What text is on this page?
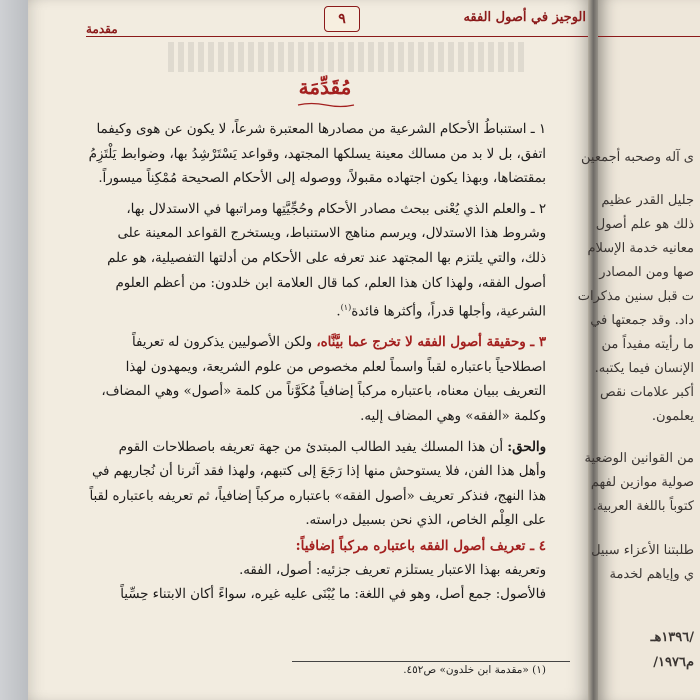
الوجيز في أصول الفقه
٩
مقدمة
مُقَدِّمَة

١ ـ استنباطُ الأحكام الشرعية من مصادرها المعتبرة شرعاً، لا يكون عن هوى وكيفما
اتفق، بل لا بد من مسالك معينة يسلكها المجتهد، وقواعد يَسْتَرْشِدُ بها، وضوابط يَلْتَزِمُ
بمقتضاها، وبهذا يكون اجتهاده مقبولاً، ووصوله إلى الأحكام الصحيحة مُمْكِناً ميسوراً.

٢ ـ والعلم الذي يُعْنى ببحث مصادر الأحكام وحُجِّيَّتِها ومراتبها في الاستدلال بها،
وشروط هذا الاستدلال، ويرسم مناهج الاستنباط، ويستخرج القواعد المعينة على
ذلك، والتي يلتزم بها المجتهد عند تعرفه على الأحكام من أدلتها التفصيلية، هو علم
أصول الفقه، ولهذا كان هذا العلم، كما قال العلامة ابن خلدون: من أعظم العلوم
الشرعية، وأجلها قدراً، وأكثرها فائدة$^{(١)}$.

٣ ـ وحقيقة أصول الفقه لا تخرج عما بيَّنَّاه، ولكن الأصوليين يذكرون له تعريفاً
اصطلاحياً باعتباره لقباً واسماً لعلم مخصوص من علوم الشريعة، ويمهدون لهذا
التعريف ببيان معناه، باعتباره مركباً إضافياً مُكَوَّناً من كلمة «أصول» وهي المضاف،
وكلمة «الفقه» وهي المضاف إليه.

والحق: أن هذا المسلك يفيد الطالب المبتدئ من جهة تعريفه باصطلاحات القوم
وأهل هذا الفن، فلا يستوحش منها إذا رَجَعَ إلى كتبهم، ولهذا فقد آثرنا أن نُجاريهم في
هذا النهج، فنذكر تعريف «أصول الفقه» باعتباره مركباً إضافياً، ثم تعريفه باعتباره لقباً
على العِلْم الخاص، الذي نحن بسبيل دراسته.

٤ ـ تعريف أصول الفقه باعتباره مركباً إضافياً:

وتعريفه بهذا الاعتبار يستلزم تعريف جزئيه: أصول، الفقه.
فالأصول: جمع أصل، وهو في اللغة: ما يُبْنَى عليه غيره، سواءً أكان الابتناء حِسِّياً

(١) «مقدمة ابن خلدون» ص٤٥٢.
ى آله وصحبه أجمعين
جليل القدر عظيم
ذلك هو علم أصول
معانيه خدمة الإسلام
صها ومن المصادر
ت قبل سنين مذكرات
داد. وقد جمعتها في
ما رأيته مفيداً من
الإنسان فيما يكتبه.
أكبر علامات نقص
يعلمون.
من القوانين الوضعية
صولية موازين لفهم
كتوباً باللغة العربية.
طلبتنا الأعزاء سبيل
ي وإياهم لخدمة
/١٣٩٦هـ
م١٩٧٦/
